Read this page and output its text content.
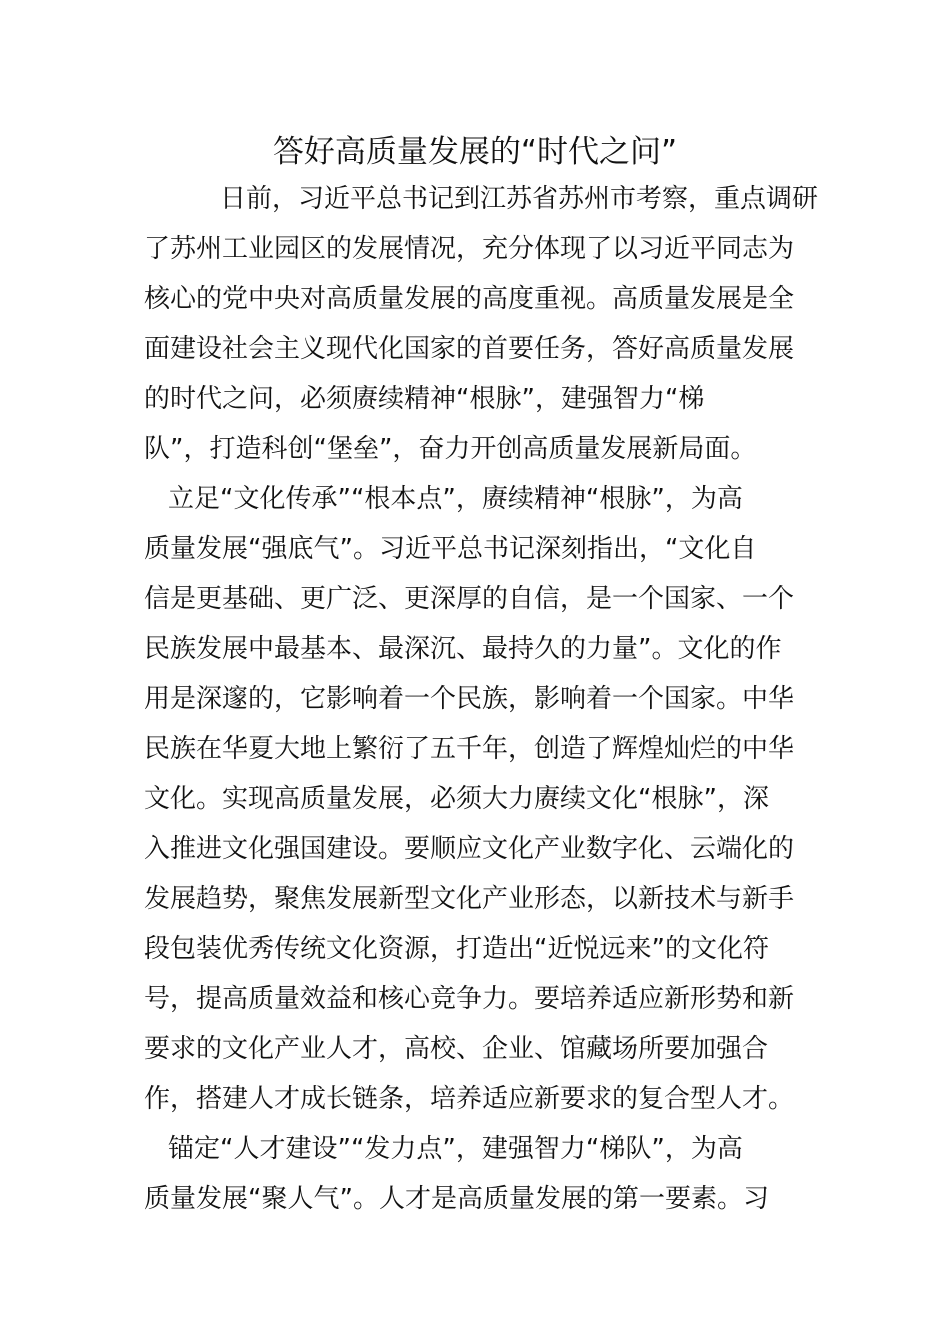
答好高质量发展的“时代之问”
日前，习近平总书记到江苏省苏州市考察，重点调研
了苏州工业园区的发展情况，充分体现了以习近平同志为
核心的党中央对高质量发展的高度重视。高质量发展是全
面建设社会主义现代化国家的首要任务，答好高质量发展
的时代之问，必须赓续精神“根脉”，建强智力“梯
队”，打造科创“堡垒”，奋力开创高质量发展新局面。
立足“文化传承”“根本点”，赓续精神“根脉”，为高
质量发展“强底气”。习近平总书记深刻指出，“文化自
信是更基础、更广泛、更深厚的自信，是一个国家、一个
民族发展中最基本、最深沉、最持久的力量”。文化的作
用是深邃的，它影响着一个民族，影响着一个国家。中华
民族在华夏大地上繁衍了五千年，创造了辉煌灿烂的中华
文化。实现高质量发展，必须大力赓续文化“根脉”，深
入推进文化强国建设。要顺应文化产业数字化、云端化的
发展趋势，聚焦发展新型文化产业形态，以新技术与新手
段包装优秀传统文化资源，打造出“近悦远来”的文化符
号，提高质量效益和核心竞争力。要培养适应新形势和新
要求的文化产业人才，高校、企业、馆藏场所要加强合
作，搭建人才成长链条，培养适应新要求的复合型人才。
锚定“人才建设”“发力点”，建强智力“梯队”，为高
质量发展“聚人气”。人才是高质量发展的第一要素。习
